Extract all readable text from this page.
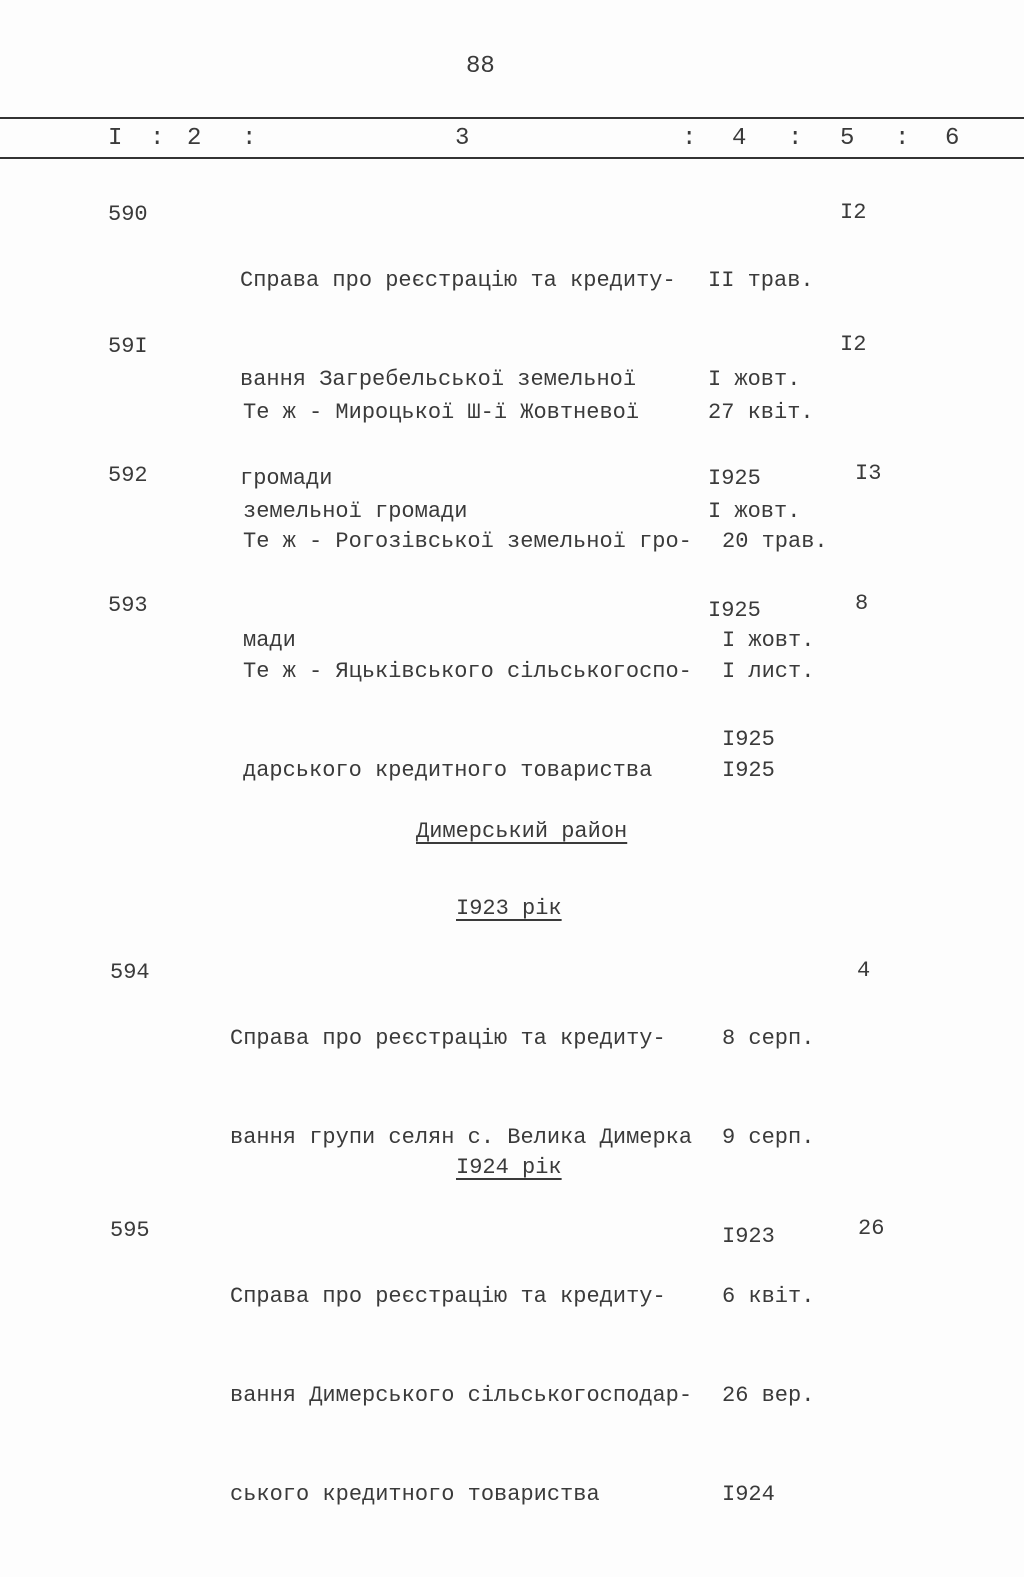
88
I : 2 :	3	: 4 : 5 : 6
590

Справа про реєстрацію та кредиту-

вання Загребельської земельної

громади

II трав.

I жовт.

I925

I2
59I

Те ж - Мироцької Ш-ї Жовтневої

земельної громади

27 квіт.

I жовт.

I925

I2
592

Те ж - Рогозівської земельної гро-

мади

20 трав.

I жовт.

I925

I3
593

Те ж - Яцьківського сільськогоспо-

дарського кредитного товариства

I лист.

I925

8
Димерський район
I923 рік
594

Справа про реєстрацію та кредиту-

вання групи селян с. Велика Димерка

8 серп.

9 серп.

I923

4
I924 рік
595

Справа про реєстрацію та кредиту-

вання Димерського сільськогосподар-

ського кредитного товариства

6 квіт.

26 вер.

I924

26
